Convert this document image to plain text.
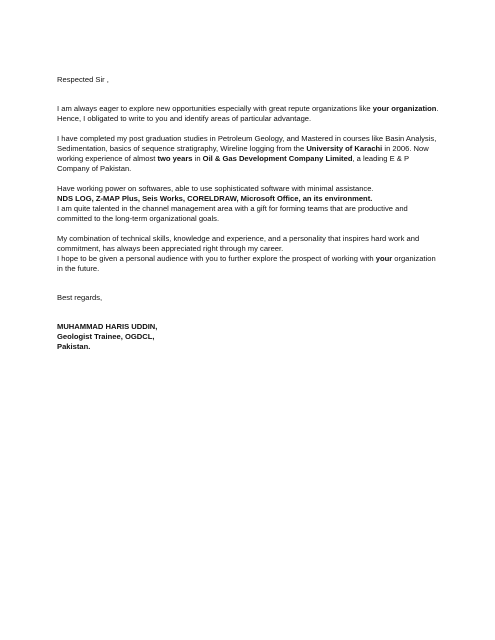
Respected Sir ,

I am always eager to explore new opportunities especially with great repute organizations like your organization. Hence, I obligated to write to you and identify areas of particular advantage.

I have completed my post graduation studies in Petroleum Geology, and Mastered in courses like Basin Analysis, Sedimentation, basics of sequence stratigraphy, Wireline logging from the University of Karachi in 2006. Now working experience of almost two years in Oil & Gas Development Company Limited, a leading E & P Company of Pakistan.

Have working power on softwares, able to use sophisticated software with minimal assistance.
NDS LOG, Z-MAP Plus, Seis Works, CORELDRAW, Microsoft Office, an its environment.
I am quite talented in the channel management area with a gift for forming teams that are productive and committed to the long-term organizational goals.

My combination of technical skills, knowledge and experience, and a personality that inspires hard work and commitment, has always been appreciated right through my career.
I hope to be given a personal audience with you to further explore the prospect of working with your organization in the future.

Best regards,

MUHAMMAD HARIS UDDIN,

Geologist Trainee, OGDCL,

Pakistan.
